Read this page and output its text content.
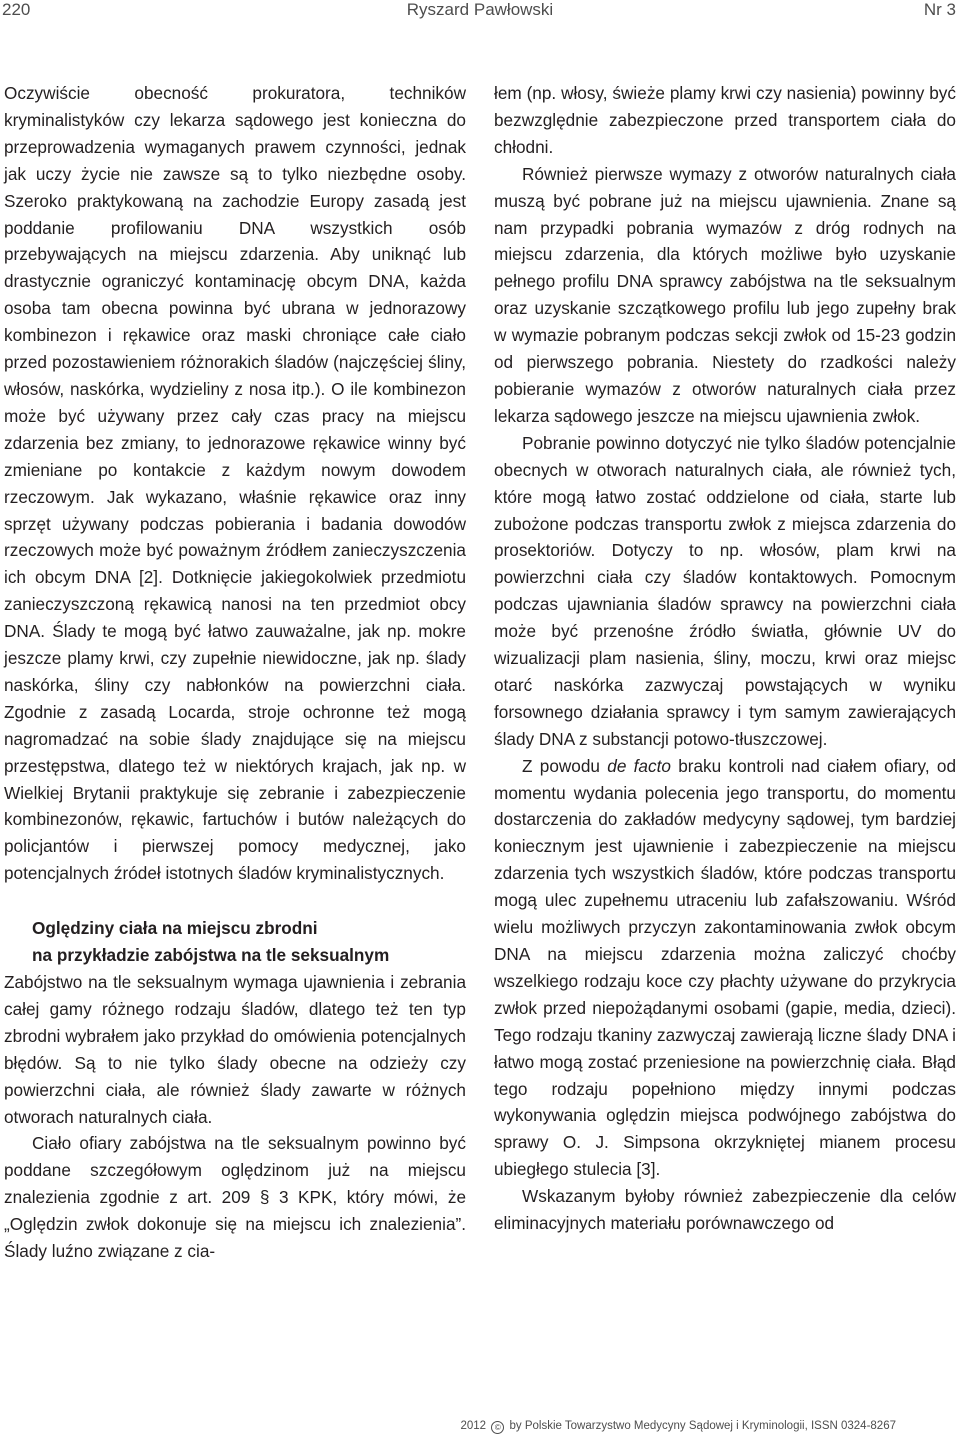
220	Ryszard Pawłowski	Nr 3

Oczywiście obecność prokuratora, techników kryminalistyków czy lekarza sądowego jest konieczna do przeprowadzenia wymaganych prawem czynności, jednak jak uczy życie nie zawsze są to tylko niezbędne osoby. Szeroko praktykowaną na zachodzie Europy zasadą jest poddanie profilowaniu DNA wszystkich osób przebywających na miejscu zdarzenia. Aby uniknąć lub drastycznie ograniczyć kontaminację obcym DNA, każda osoba tam obecna powinna być ubrana w jednorazowy kombinezon i rękawice oraz maski chroniące całe ciało przed pozostawieniem różnorakich śladów (najczęściej śliny, włosów, naskórka, wydzieliny z nosa itp.). O ile kombinezon może być używany przez cały czas pracy na miejscu zdarzenia bez zmiany, to jednorazowe rękawice winny być zmieniane po kontakcie z każdym nowym dowodem rzeczowym. Jak wykazano, właśnie rękawice oraz inny sprzęt używany podczas pobierania i badania dowodów rzeczowych może być poważnym źródłem zanieczyszczenia ich obcym DNA [2]. Dotknięcie jakiegokolwiek przedmiotu zanieczyszczoną rękawicą nanosi na ten przedmiot obcy DNA. Ślady te mogą być łatwo zauważalne, jak np. mokre jeszcze plamy krwi, czy zupełnie niewidoczne, jak np. ślady naskórka, śliny czy nabłonków na powierzchni ciała. Zgodnie z zasadą Locarda, stroje ochronne też mogą nagromadzać na sobie ślady znajdujące się na miejscu przestępstwa, dlatego też w niektórych krajach, jak np. w Wielkiej Brytanii praktykuje się zebranie i zabezpieczenie kombinezonów, rękawic, fartuchów i butów należących do policjantów i pierwszej pomocy medycznej, jako potencjalnych źródeł istotnych śladów kryminalistycznych.

Oględziny ciała na miejscu zbrodni
na przykładzie zabójstwa na tle seksualnym

Zabójstwo na tle seksualnym wymaga ujawnienia i zebrania całej gamy różnego rodzaju śladów, dlatego też ten typ zbrodni wybrałem jako przykład do omówienia potencjalnych błędów. Są to nie tylko ślady obecne na odzieży czy powierzchni ciała, ale również ślady zawarte w różnych otworach naturalnych ciała.

Ciało ofiary zabójstwa na tle seksualnym powinno być poddane szczegółowym oględzinom już na miejscu znalezienia zgodnie z art. 209 § 3 KPK, który mówi, że „Oględzin zwłok dokonuje się na miejscu ich znalezienia”. Ślady luźno związane z cia-

łem (np. włosy, świeże plamy krwi czy nasienia) powinny być bezwzględnie zabezpieczone przed transportem ciała do chłodni.

Również pierwsze wymazy z otworów naturalnych ciała muszą być pobrane już na miejscu ujawnienia. Znane są nam przypadki pobrania wymazów z dróg rodnych na miejscu zdarzenia, dla których możliwe było uzyskanie pełnego profilu DNA sprawcy zabójstwa na tle seksualnym oraz uzyskanie szczątkowego profilu lub jego zupełny brak w wymazie pobranym podczas sekcji zwłok od 15-23 godzin od pierwszego pobrania. Niestety do rzadkości należy pobieranie wymazów z otworów naturalnych ciała przez lekarza sądowego jeszcze na miejscu ujawnienia zwłok.

Pobranie powinno dotyczyć nie tylko śladów potencjalnie obecnych w otworach naturalnych ciała, ale również tych, które mogą łatwo zostać oddzielone od ciała, starte lub zubożone podczas transportu zwłok z miejsca zdarzenia do prosektoriów. Dotyczy to np. włosów, plam krwi na powierzchni ciała czy śladów kontaktowych. Pomocnym podczas ujawniania śladów sprawcy na powierzchni ciała może być przenośne źródło światła, głównie UV do wizualizacji plam nasienia, śliny, moczu, krwi oraz miejsc otarć naskórka zazwyczaj powstających w wyniku forsownego działania sprawcy i tym samym zawierających ślady DNA z substancji potowo-tłuszczowej.

Z powodu de facto braku kontroli nad ciałem ofiary, od momentu wydania polecenia jego transportu, do momentu dostarczenia do zakładów medycyny sądowej, tym bardziej koniecznym jest ujawnienie i zabezpieczenie na miejscu zdarzenia tych wszystkich śladów, które podczas transportu mogą ulec zupełnemu utraceniu lub zafałszowaniu. Wśród wielu możliwych przyczyn zakontaminowania zwłok obcym DNA na miejscu zdarzenia można zaliczyć choćby wszelkiego rodzaju koce czy płachty używane do przykrycia zwłok przed niepożądanymi osobami (gapie, media, dzieci). Tego rodzaju tkaniny zazwyczaj zawierają liczne ślady DNA i łatwo mogą zostać przeniesione na powierzchnię ciała. Błąd tego rodzaju popełniono między innymi podczas wykonywania oględzin miejsca podwójnego zabójstwa do sprawy O. J. Simpsona okrzykniętej mianem procesu ubiegłego stulecia [3].

Wskazanym byłoby również zabezpieczenie dla celów eliminacyjnych materiału porównawczego od

2012 © by Polskie Towarzystwo Medycyny Sądowej i Kryminologii, ISSN 0324-8267
